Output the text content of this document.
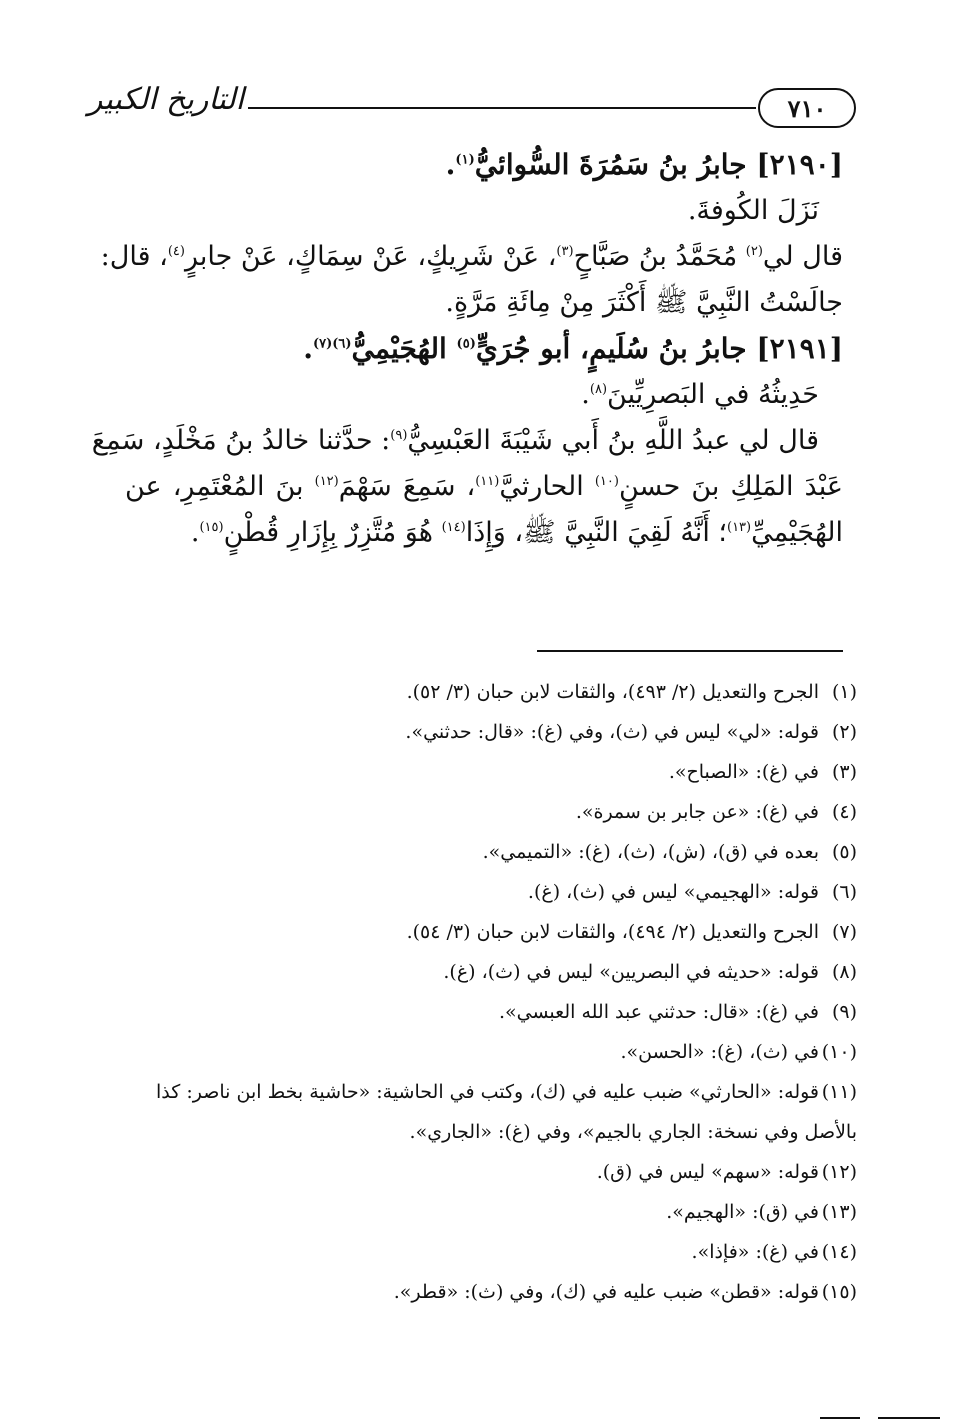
٧١٠
التاريخ الكبير

[٢١٩٠] جابرُ بنُ سَمُرَةَ السُّوائيُّ$^{(١)}$.

نَزَلَ الكُوفةَ.

قال لي$^{(٢)}$ مُحَمَّدُ بنُ صَبَّاحٍ$^{(٣)}$، عَنْ شَرِيكٍ، عَنْ سِمَاكٍ، عَنْ جابرٍ$^{(٤)}$، قال:

جالَسْتُ النَّبِيَّ ﷺ أَكْثَرَ مِنْ مِائَةِ مَرَّةٍ.

[٢١٩١] جابرُ بنُ سُلَيمٍ، أبو جُرَيٍّ$^{(٥)}$ الهُجَيْمِيُّ$^{(٦)(٧)}$.

حَدِيثُهُ في البَصرِيِّينَ$^{(٨)}$.

قال لي عبدُ اللَّهِ بنُ أَبي شَيْبَةَ العَبْسِيُّ$^{(٩)}$: حدَّثنا خالدُ بنُ مَخْلَدٍ، سَمِعَ

عَبْدَ المَلِكِ بنَ حسنٍ$^{(١٠)}$ الحارثيَّ$^{(١١)}$، سَمِعَ سَهْمَ$^{(١٢)}$ بنَ المُعْتَمِرِ، عن

الهُجَيْمِيِّ$^{(١٣)}$؛ أَنَّهُ لَقِيَ النَّبِيَّ ﷺ، وَإِذَا$^{(١٤)}$ هُوَ مُتَّزِرٌ بِإِزَارِ قُطْنٍ$^{(١٥)}$.

(١)الجرح والتعديل (٢/ ٤٩٣)، والثقات لابن حبان (٣/ ٥٢).
(٢)قوله: «لي» ليس في (ث)، وفي (غ): «قال: حدثني».
(٣)في (غ): «الصباح».
(٤)في (غ): «عن جابر بن سمرة».
(٥)بعده في (ق)، (ش)، (ث)، (غ): «التميمي».
(٦)قوله: «الهجيمي» ليس في (ث)، (غ).
(٧)الجرح والتعديل (٢/ ٤٩٤)، والثقات لابن حبان (٣/ ٥٤).
(٨)قوله: «حديثه في البصريين» ليس في (ث)، (غ).
(٩)في (غ): «قال: حدثني عبد الله العبسي».
(١٠)في (ث)، (غ): «الحسن».
(١١)قوله: «الحارثي» ضبب عليه في (ك)، وكتب في الحاشية: «حاشية بخط ابن ناصر: كذا
بالأصل وفي نسخة: الجاري بالجيم»، وفي (غ): «الجاري».
(١٢)قوله: «سهم» ليس في (ق).
(١٣)في (ق): «الهجيم».
(١٤)في (غ): «فإذا».
(١٥)قوله: «قطن» ضبب عليه في (ك)، وفي (ث): «قطر».
